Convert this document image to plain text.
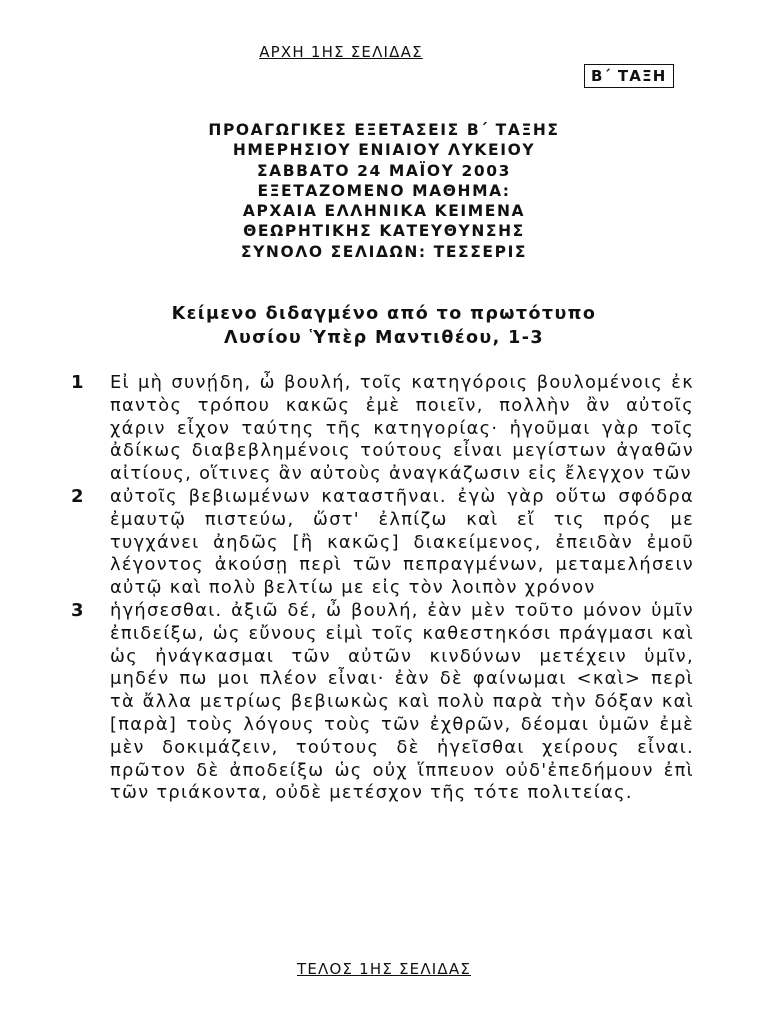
ΑΡΧΗ 1ΗΣ ΣΕΛΙΔΑΣ
Β΄ ΤΑΞΗ
ΠΡΟΑΓΩΓΙΚΕΣ ΕΞΕΤΑΣΕΙΣ Β΄ ΤΑΞΗΣ
ΗΜΕΡΗΣΙΟΥ ΕΝΙΑΙΟΥ ΛΥΚΕΙΟΥ
ΣΑΒΒΑΤΟ 24 ΜΑΪΟΥ 2003
ΕΞΕΤΑΖΟΜΕΝΟ ΜΑΘΗΜΑ:
ΑΡΧΑΙΑ ΕΛΛΗΝΙΚΑ ΚΕΙΜΕΝΑ
ΘΕΩΡΗΤΙΚΗΣ ΚΑΤΕΥΘΥΝΣΗΣ
ΣΥΝΟΛΟ ΣΕΛΙΔΩΝ: ΤΕΣΣΕΡΙΣ
Κείμενο διδαγμένο από το πρωτότυπο
Λυσίου Ὑπὲρ Μαντιθέου, 1-3
1 Εἰ μὴ συνῄδη, ὦ βουλή, τοῖς κατηγόροις βουλομένοις ἐκ παντὸς τρόπου κακῶς ἐμὲ ποιεῖν, πολλὴν ἂν αὐτοῖς χάριν εἶχον ταύτης τῆς κατηγορίας· ἡγοῦμαι γὰρ τοῖς ἀδίκως διαβεβλημένοις τούτους εἶναι μεγίστων ἀγαθῶν αἰτίους, οἵτινες ἂν αὐτοὺς ἀναγκάζωσιν εἰς ἔλεγχον τῶν
2 αὐτοῖς βεβιωμένων καταστῆναι. ἐγὼ γὰρ οὕτω σφόδρα ἐμαυτῷ πιστεύω, ὥστ' ἐλπίζω καὶ εἴ τις πρός με τυγχάνει ἀηδῶς [ἢ κακῶς] διακείμενος, ἐπειδὰν ἐμοῦ λέγοντος ἀκούσῃ περὶ τῶν πεπραγμένων, μεταμελήσειν αὐτῷ καὶ πολὺ βελτίω με εἰς τὸν λοιπὸν χρόνον
3 ἡγήσεσθαι. ἀξιῶ δέ, ὦ βουλή, ἐὰν μὲν τοῦτο μόνον ὑμῖν ἐπιδείξω, ὡς εὔνους εἰμὶ τοῖς καθεστηκόσι πράγμασι καὶ ὡς ἠνάγκασμαι τῶν αὐτῶν κινδύνων μετέχειν ὑμῖν, μηδέν πω μοι πλέον εἶναι· ἐὰν δὲ φαίνωμαι <καὶ> περὶ τὰ ἄλλα μετρίως βεβιωκὼς καὶ πολὺ παρὰ τὴν δόξαν καὶ [παρὰ] τοὺς λόγους τοὺς τῶν ἐχθρῶν, δέομαι ὑμῶν ἐμὲ μὲν δοκιμάζειν, τούτους δὲ ἡγεῖσθαι χείρους εἶναι. πρῶτον δὲ ἀποδείξω ὡς οὐχ ἵππευον οὐδ'ἐπεδήμουν ἐπὶ τῶν τριάκοντα, οὐδὲ μετέσχον τῆς τότε πολιτείας.
ΤΕΛΟΣ 1ΗΣ ΣΕΛΙΔΑΣ
